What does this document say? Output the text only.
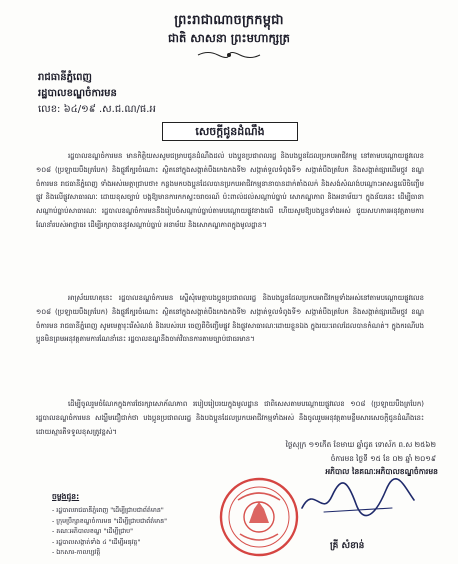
ព្រះរាជាណាចក្រកម្ពុជា
ជាតិ សាសនា ព្រះមហាក្សត្រ
រាជធានីភ្នំពេញ
រដ្ឋបាលខណ្ឌចំការមន
លេខ: ៦៤/១៩ .ស.ជ.ណ/ផ.អ
សេចក្តីជូនដំណឹង
រដ្ឋបាលខណ្ឌចំការមន មានកិត្តិយសសូមជម្រាបជូនដំណឹងដល់ បងប្អូនប្រជាពលរដ្ឋ និងបងប្អូនដែលប្រកបអាជីវកម្ម នៅតាមបណ្តោយផ្លូវលេខ ១០៨ (ប្រឡាយបឹងត្របែក) និងផ្លូវក្បែរចំណោះ ស្ថិតនៅក្នុងសង្កាត់បឹងកេងកងទី២ សង្កាត់ទួលទំពូងទី១ សង្កាត់បឹងត្របែក និងសង្កាត់ផ្សារដើមថ្កូវ ខណ្ឌចំការមន រាជធានីភ្នំពេញ ទាំងអស់មេត្តាជ្រាបថា៖ កន្លងមកបងប្អូនដែលបានប្រកបអាជីវកម្មនានាបានដាក់តាំងលក់ និងសង់សំណង់បណ្តោះអាសន្នលើចិញ្ចើមផ្លូវ និងលើផ្លូវសាធារណៈ ដោយខុសច្បាប់ បង្កឱ្យមានការកកស្ទះចរាចរណ៍ ប៉ះពាល់ដល់សណ្តាប់ធ្នាប់ សោភណ្ឌភាព និងអនាម័យ។ ក្នុងន័យនេះ ដើម្បីធានាសណ្តាប់ធ្នាប់សាធារណៈ រដ្ឋបាលខណ្ឌចំការមននឹងរៀបចំសណ្តាប់ធ្នាប់តាមបណ្តោយផ្លូវខាងលើ ហើយសូមឱ្យបងប្អូនទាំងអស់ ជួយសហការអនុវត្តតាមការណែនាំរបស់អាជ្ញាធរ ដើម្បីរក្សាបាននូវសណ្តាប់ធ្នាប់ អនាម័យ និងសោភណ្ឌភាពក្នុងមូលដ្ឋាន។
អាស្រ័យហេតុនេះ រដ្ឋបាលខណ្ឌចំការមន ស្នើសុំមេត្តាបងប្អូនប្រជាពលរដ្ឋ និងបងប្អូនដែលប្រកបអាជីវកម្មទាំងអស់នៅតាមបណ្តោយផ្លូវលេខ ១០៨ (ប្រឡាយបឹងត្របែក) និងផ្លូវក្បែរចំណោះ ស្ថិតនៅក្នុងសង្កាត់បឹងកេងកងទី២ សង្កាត់ទួលទំពូងទី១ សង្កាត់បឹងត្របែក និងសង្កាត់ផ្សារដើមថ្កូវ ខណ្ឌចំការមន រាជធានីភ្នំពេញ សូមមេត្តារុះរើសំណង់ និងរបស់របរ ចេញពីចិញ្ចើមផ្លូវ និងផ្លូវសាធារណៈដោយខ្លួនឯង ក្នុងរយៈពេលដែលបានកំណត់។ ក្នុងករណីបងប្អូនមិនព្រមអនុវត្តតាមការណែនាំនេះ រដ្ឋបាលខណ្ឌនឹងចាត់វិធានការតាមច្បាប់ជាធរមាន។
ដើម្បីចូលរួមចំណែកក្នុងការថែរក្សាសោភ័ណភាព របៀបរៀបរយក្នុងមូលដ្ឋាន ជាពិសេសតាមបណ្តោយផ្លូវលេខ ១០៨ (ប្រឡាយបឹងត្របែក) រដ្ឋបាលខណ្ឌចំការមន សង្ឃឹមជឿជាក់ថា បងប្អូនប្រជាពលរដ្ឋ និងបងប្អូនដែលប្រកបអាជីវកម្មទាំងអស់ នឹងចូលរួមអនុវត្តតាមខ្លឹមសារសេចក្តីជូនដំណឹងនេះដោយស្មារតីទទួលខុសត្រូវខ្ពស់។
ថ្ងៃសុក្រ ១១កើត ខែមាឃ ឆ្នាំជូត ទោស័ក ព.ស ២៥៦២
ចំការមន ថ្ងៃទី ១៥ ខែ ០២ ឆ្នាំ ២០១៩
អភិបាល នៃគណៈអភិបាលខណ្ឌចំការមន
គ្រី សំខាន់
ចម្លងជូន:
- រដ្ឋបាលរាជធានីភ្នំពេញ "ដើម្បីជ្រាបជាព័ត៌មាន"
- ក្រុមប្រឹក្សាខណ្ឌចំការមន "ដើម្បីជ្រាបជាព័ត៌មាន"
- គណៈអភិបាលខណ្ឌ "ដើម្បីជ្រាប"
- រដ្ឋបាលសង្កាត់ទាំង ៤ "ដើម្បីអនុវត្ត"
- ឯកសារ-កាលប្បវត្តិ
